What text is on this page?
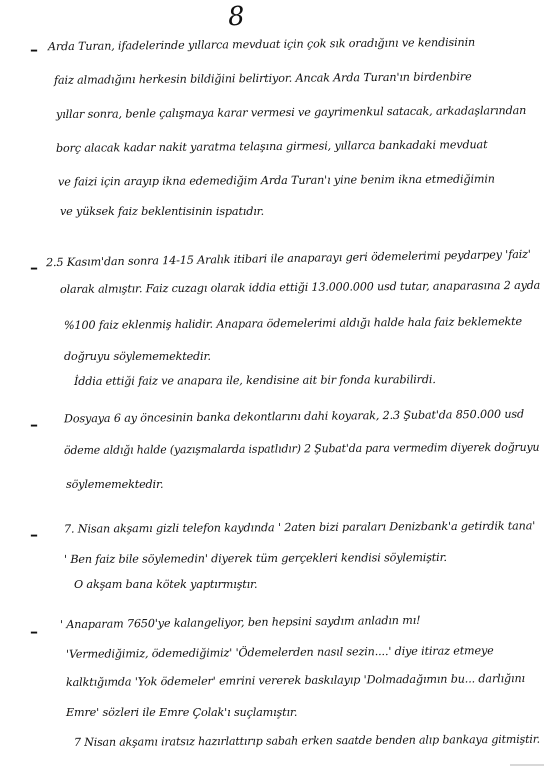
8
– Arda Turan, ifadelerinde yıllarca mevduat için çok sık oradığını ve kendisinin
faiz almadığını herkesin bildiğini belirtiyor. Ancak Arda Turan'ın birdenbire
yıllar sonra, benle çalışmaya karar vermesi ve gayrimenkul satacak, arkadaşlarından
borç alacak kadar nakit yaratma telaşına girmesi, yıllarca bankadaki mevduat
ve faizi için arayıp ikna edemediğim Arda Turan'ı yine benim ikna etmediğimin
ve yüksek faiz beklentisinin ispatıdır.
– 2.5 Kasım'dan sonra 14-15 Aralık itibari ile anaparayı geri ödemelerimi peydarpey 'faiz'
olarak almıştır. Faiz cuzagı olarak iddia ettiği 13.000.000 usd tutar, anaparasına 2 ayda
%100 faiz eklenmiş halidir. Anapara ödemelerimi aldığı halde hala faiz beklemekte
doğruyu söylememektedir.
İddia ettiği faiz ve anapara ile, kendisine ait bir fonda kurabilirdi.
– Dosyaya 6 ay öncesinin banka dekontlarını dahi koyarak, 2.3 Şubat'da 850.000 usd
ödeme aldığı halde (yazışmalarda ispatlıdır) 2 Şubat'da para vermedim diyerek doğruyu
söylememektedir.
– 7. Nisan akşamı gizli telefon kaydında ' 2aten bizi paraları Denizbank'a getirdik tana'
' Ben faiz bile söylemedin' diyerek tüm gerçekleri kendisi söylemiştir.
O akşam bana kötek yaptırmıştır.
– ' Anaparam 7650'ye kalangeliyor, ben hepsini saydım anladın mı!
'Vermediğimiz, ödemediğimiz' 'Ödemelerden nasıl sezin....' diye itiraz etmeye
kalktığımda 'Yok ödemeler' emrini vererek baskılayıp 'Dolmadağımın bu... darlığını
Emre' sözleri ile Emre Çolak'ı suçlamıştır.
7 Nisan akşamı iratsız hazırlattırıp sabah erken saatde benden alıp bankaya gitmiştir.
